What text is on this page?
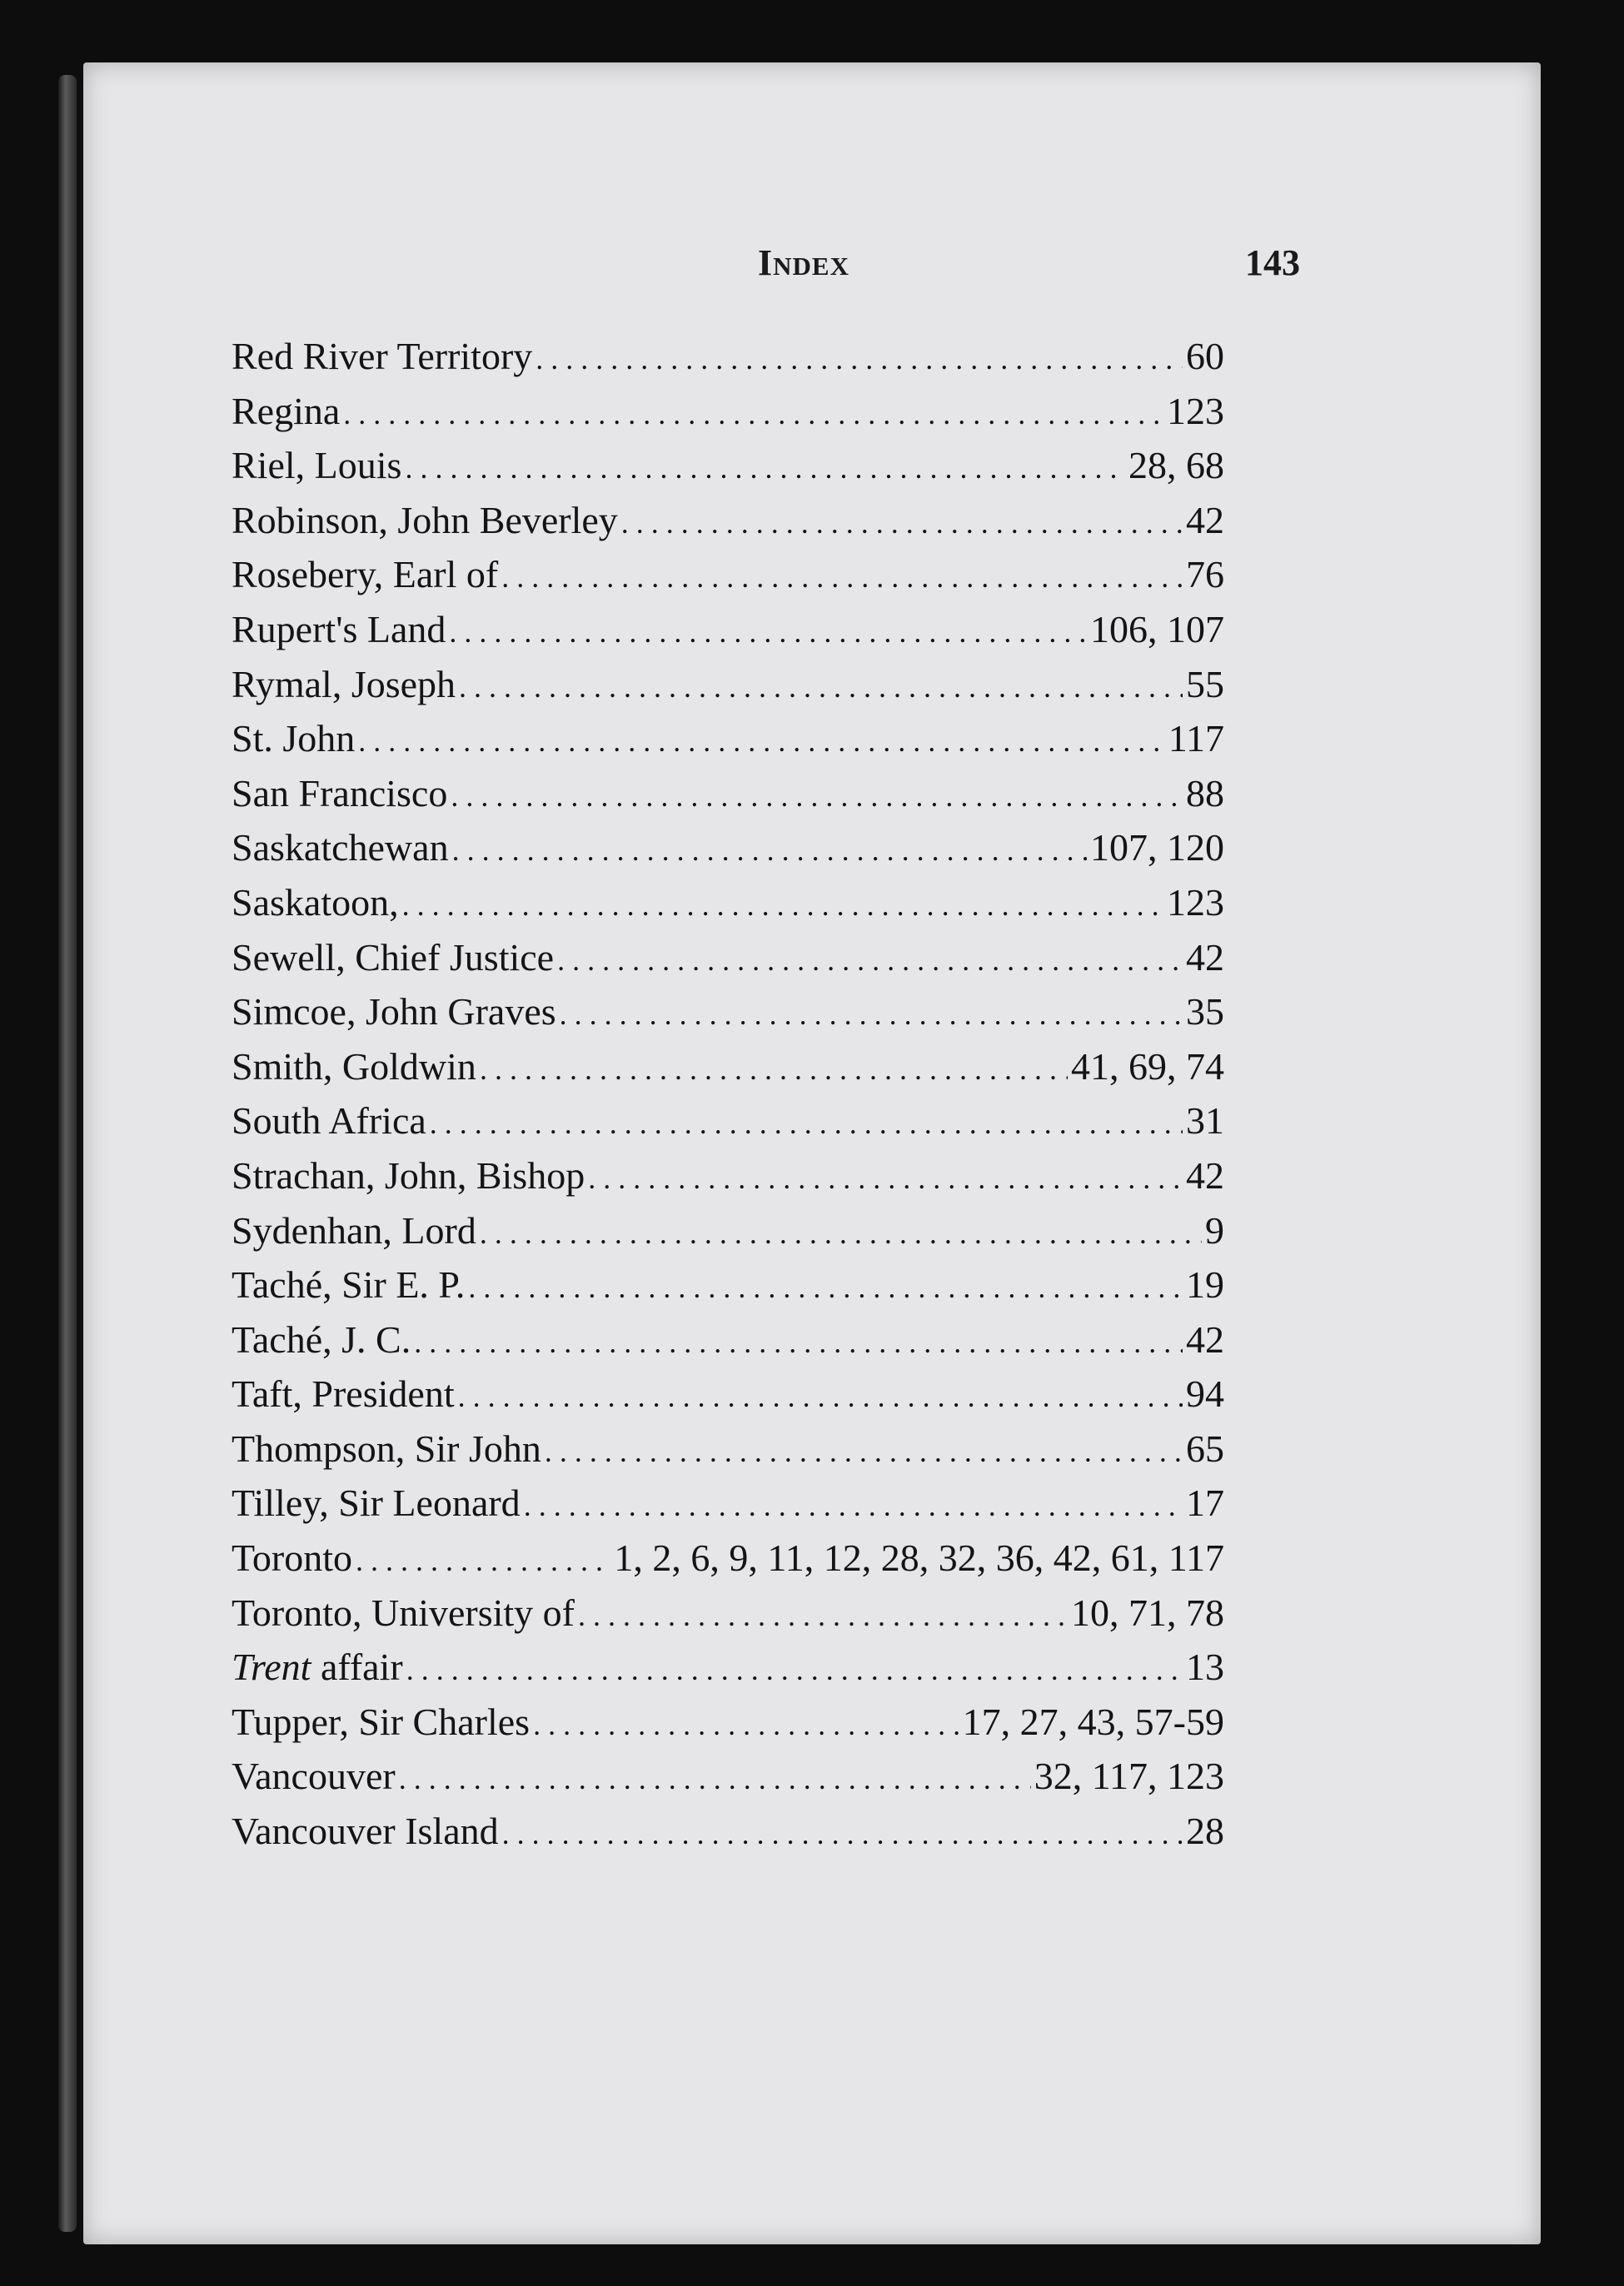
Index	143
Red River Territory .....	60
Regina .....	123
Riel, Louis .....	28, 68
Robinson, John Beverley .....	42
Rosebery, Earl of .....	76
Rupert's Land .....	106, 107
Rymal, Joseph .....	55
St. John .....	117
San Francisco .....	88
Saskatchewan .....	107, 120
Saskatoon, .....	123
Sewell, Chief Justice .....	42
Simcoe, John Graves .....	35
Smith, Goldwin .....	41, 69, 74
South Africa .....	31
Strachan, John, Bishop .....	42
Sydenhan, Lord .....	9
Taché, Sir E. P. .....	19
Taché, J. C. .....	42
Taft, President .....	94
Thompson, Sir John .....	65
Tilley, Sir Leonard .....	17
Toronto .....	1, 2, 6, 9, 11, 12, 28, 32, 36, 42, 61, 117
Toronto, University of .....	10, 71, 78
Trent affair .....	13
Tupper, Sir Charles .....	17, 27, 43, 57-59
Vancouver .....	32, 117, 123
Vancouver Island .....	28
